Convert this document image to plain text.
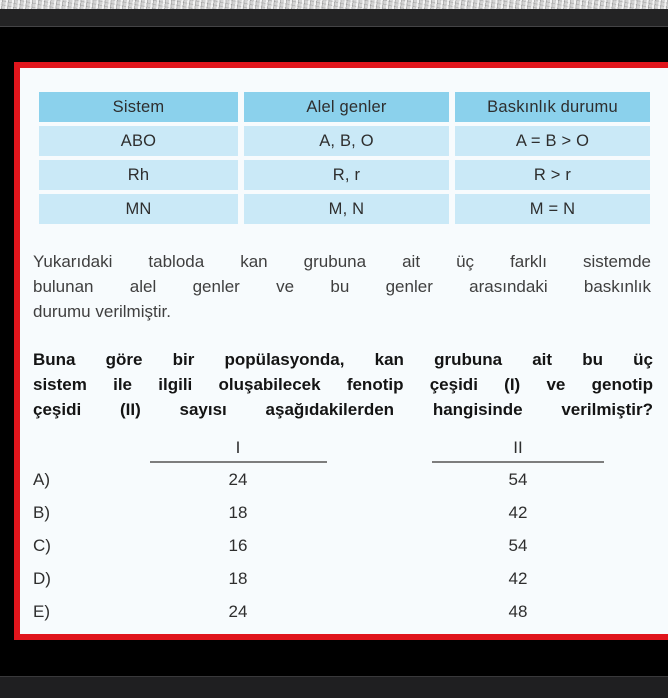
Sistem	Alel genler	Baskınlık durumu
ABO	A, B, O	A = B > O
Rh	R, r	R > r
MN	M, N	M = N
Yukarıdaki tabloda kan grubuna ait üç farklı sistemde
bulunan alel genler ve bu genler arasındaki baskınlık
durumu verilmiştir.
Buna göre bir popülasyonda, kan grubuna ait bu üç
sistem ile ilgili oluşabilecek fenotip çeşidi (I) ve genotip
çeşidi (II) sayısı aşağıdakilerden hangisinde verilmiştir?
I	II
A)	24	54
B)	18	42
C)	16	54
D)	18	42
E)	24	48
